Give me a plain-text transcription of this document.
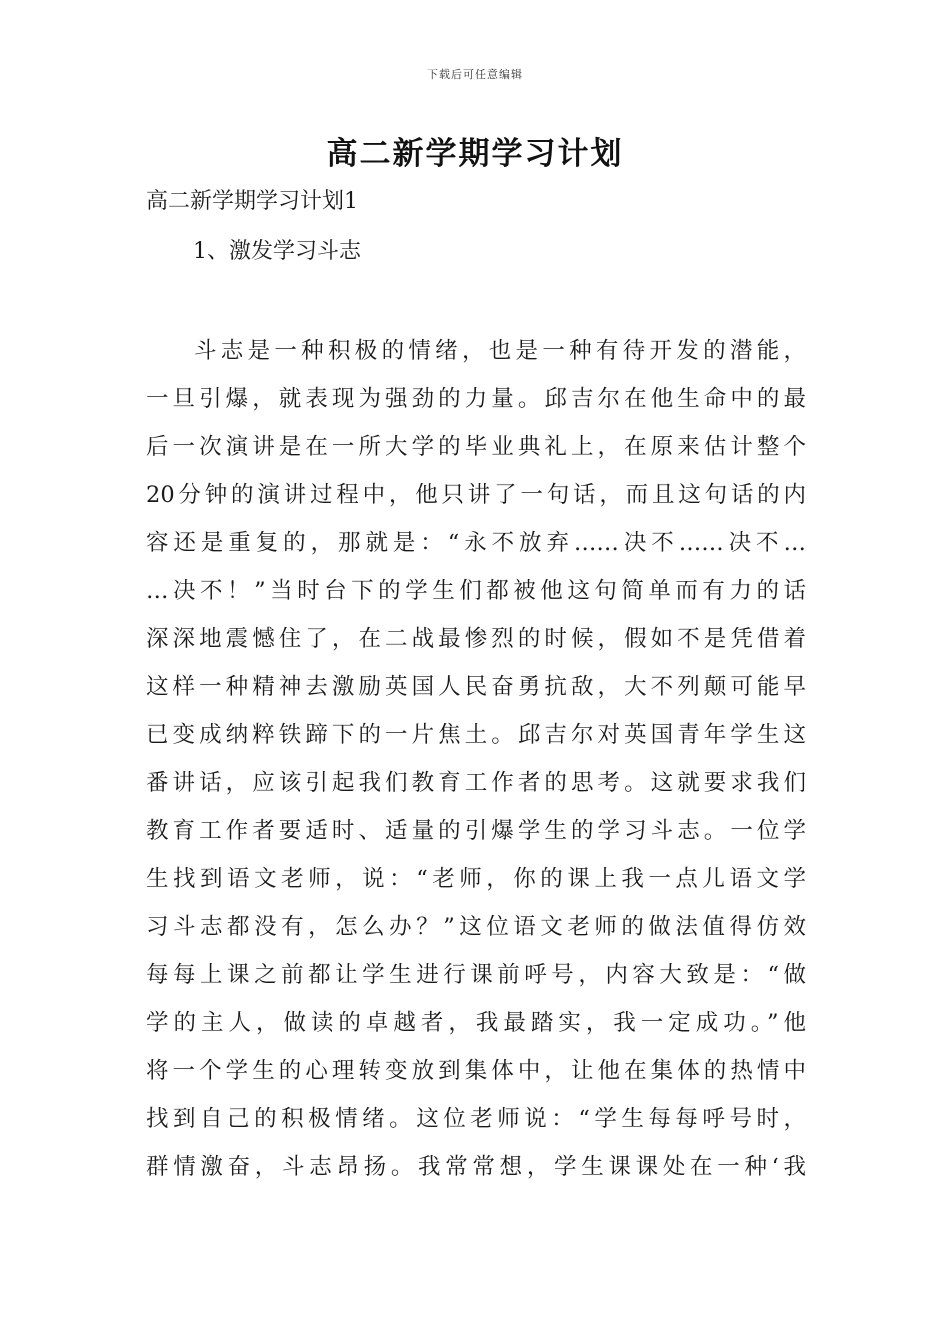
下载后可任意编辑
高二新学期学习计划
高二新学期学习计划1
1、激发学习斗志
斗志是一种积极的情绪，也是一种有待开发的潜能，
一旦引爆，就表现为强劲的力量。邱吉尔在他生命中的最
后一次演讲是在一所大学的毕业典礼上，在原来估计整个
20分钟的演讲过程中，他只讲了一句话，而且这句话的内
容还是重复的，那就是：“永不放弃……决不……决不…
…决不！”当时台下的学生们都被他这句简单而有力的话
深深地震憾住了，在二战最惨烈的时候，假如不是凭借着
这样一种精神去激励英国人民奋勇抗敌，大不列颠可能早
已变成纳粹铁蹄下的一片焦土。邱吉尔对英国青年学生这
番讲话，应该引起我们教育工作者的思考。这就要求我们
教育工作者要适时、适量的引爆学生的学习斗志。一位学
生找到语文老师，说：“老师，你的课上我一点儿语文学
习斗志都没有，怎么办？”这位语文老师的做法值得仿效
每每上课之前都让学生进行课前呼号，内容大致是：“做
学的主人，做读的卓越者，我最踏实，我一定成功。”他
将一个学生的心理转变放到集体中，让他在集体的热情中
找到自己的积极情绪。这位老师说：“学生每每呼号时，
群情激奋，斗志昂扬。我常常想，学生课课处在一种‘我
